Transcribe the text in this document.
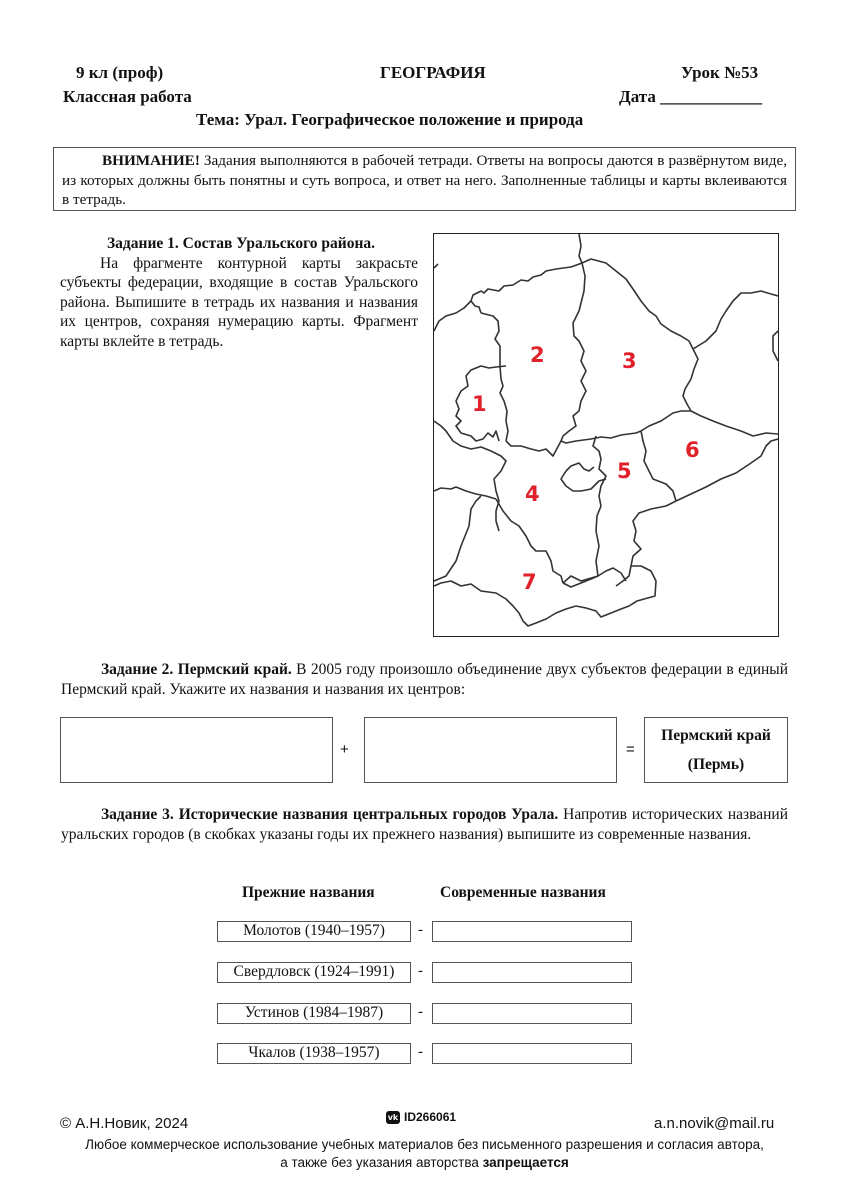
9 кл (проф)	ГЕОГРАФИЯ	Урок №53
Классная работа	Дата ____________
Тема: Урал. Географическое положение и природа
ВНИМАНИЕ! Задания выполняются в рабочей тетради. Ответы на вопросы даются в развёрнутом виде, из которых должны быть понятны и суть вопроса, и ответ на него. Заполненные таблицы и карты вклеиваются в тетрадь.
Задание 1. Состав Уральского района.
На фрагменте контурной карты закрасьте субъекты федерации, входящие в состав Уральского района. Выпишите в тетрадь их названия и названия их центров, сохраняя нумерацию карты. Фрагмент карты вклейте в тетрадь.
1
2	3
4
5
6
7
Задание 2. Пермский край. В 2005 году произошло объединение двух субъектов федерации в единый Пермский край. Укажите их названия и названия их центров:
+	=
Пермский край
(Пермь)
Задание 3. Исторические названия центральных городов Урала. Напротив исторических названий уральских городов (в скобках указаны годы их прежнего названия) выпишите из современные названия.
Прежние названия	Современные названия
Молотов (1940–1957)	-
Свердловск (1924–1991)	-
Устинов (1984–1987)	-
Чкалов (1938–1957)	-
© А.Н.Новик, 2024	vk ID266061	a.n.novik@mail.ru
Любое коммерческое использование учебных материалов без письменного разрешения и согласия автора,
а также без указания авторства запрещается
